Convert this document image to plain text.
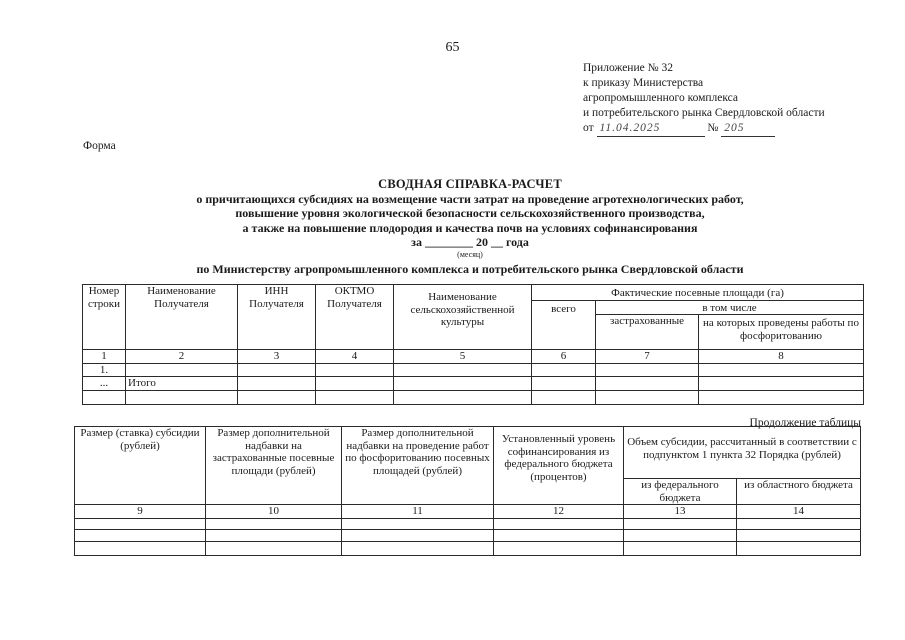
65
Приложение № 32
к приказу Министерства
агропромышленного комплекса
и потребительского рынка Свердловской области
от 11.04.2025	№ 205
Форма
СВОДНАЯ СПРАВКА-РАСЧЕТ
о причитающихся субсидиях на возмещение части затрат на проведение агротехнологических работ,
повышение уровня экологической безопасности сельскохозяйственного производства,
а также на повышение плодородия и качества почв на условиях софинансирования
за ________ 20 __ года
(месяц)
по Министерству агропромышленного комплекса и потребительского рынка Свердловской области
Номер строки	Наименование Получателя	ИНН Получателя	ОКТМО Получателя	Наименование сельскохозяйственной культуры	Фактические посевные площади (га)		
					всего	в том числе	
						застрахованные	на которых проведены работы по фосфоритованию
1	2	3	4	5	6	7	8
1.							
...	Итого						

Продолжение таблицы
Размер (ставка) субсидии (рублей)	Размер дополнительной надбавки на застрахованные посевные площади (рублей)	Размер дополнительной надбавки на проведение работ по фосфоритованию посевных площадей (рублей)	Установленный уровень софинансирования из федерального бюджета (процентов)	Объем субсидии, рассчитанный в соответствии с подпунктом 1 пункта 32 Порядка (рублей)	
				из федерального бюджета	из областного бюджета
9	10	11	12	13	14
